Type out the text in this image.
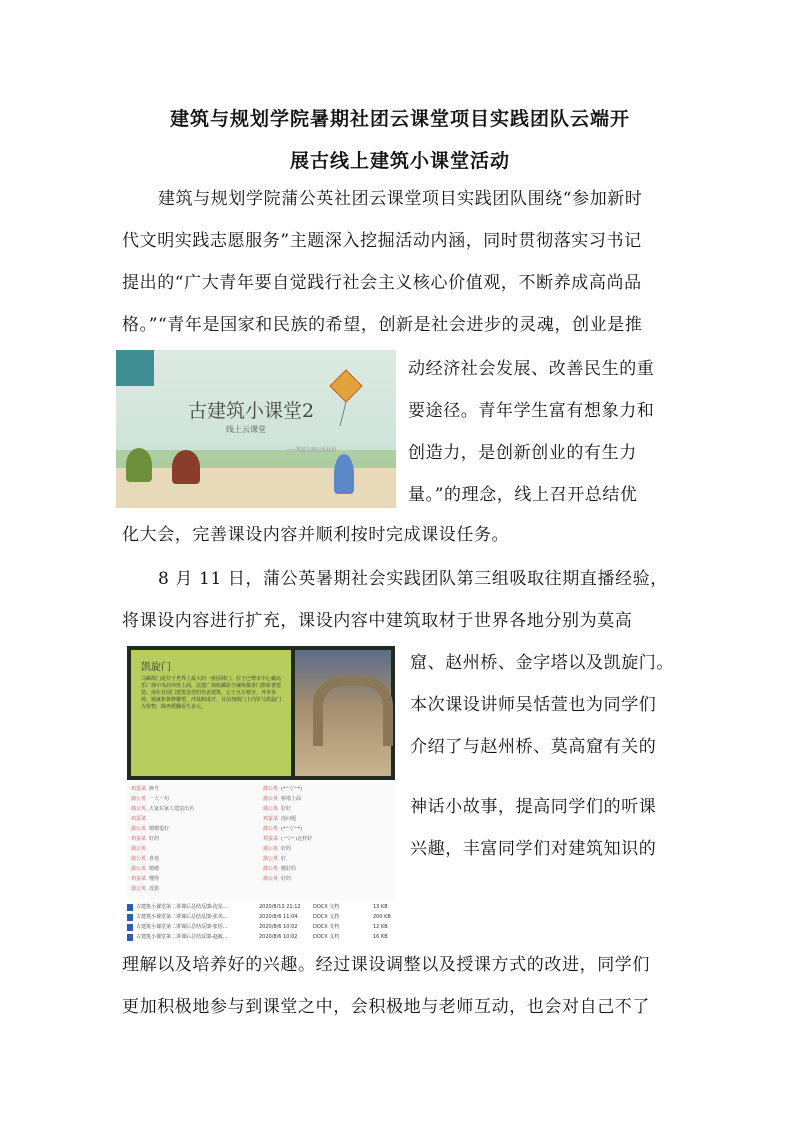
建筑与规划学院暑期社团云课堂项目实践团队云端开
展古线上建筑小课堂活动
建筑与规划学院蒲公英社团云课堂项目实践团队围绕“参加新时
代文明实践志愿服务”主题深入挖掘活动内涵，同时贯彻落实习书记
提出的“广大青年要自觉践行社会主义核心价值观，不断养成高尚品
格。”“青年是国家和民族的希望，创新是社会进步的灵魂，创业是推
动经济社会发展、改善民生的重
要途径。青年学生富有想象力和
创造力，是创新创业的有生力
量。”的理念，线上召开总结优
化大会，完善课设内容并顺利按时完成课设任务。
古建筑小课堂2
线上云课堂
——筑建与蒲公英社团
8 月 11 日，蒲公英暑期社会实践团队第三组吸取往期直播经验，
将课设内容进行扩充，课设内容中建筑取材于世界各地分别为莫高
窟、赵州桥、金字塔以及凯旋门。
本次课设讲师吴恬萱也为同学们
介绍了与赵州桥、莫高窟有关的
神话小故事，提高同学们的听课
兴趣，丰富同学们对建筑知识的
理解以及培养好的兴趣。经过课设调整以及授课方式的改进，同学们
更加积极地参与到课堂之中，会积极地与老师互动，也会对自己不了
凯旋门
马蹄凯门是位于世界上最大的一座园林门。位于巴黎市中心戴高乐广场中央的环形上面，法建广场收藏影全廉斯都喜门拱桥著建造。现在有园门建筑造型的代表建筑，它于凡尔赛宫，外等拳场，城就和鲁修雕塑，冲基购成开，目前加斯门上内罗马凯旋门为货物，除再缓翻看生多元。
鸡蛋菜 换号
蒲公英 一人一句
蒲公英 大家东家人建造出名
鸡蛋菜
蒲公英 嗯嗯很好
鸡蛋菜 好的
蒲公英
蒲公英 喜欢
蒲公英 嗯嗯
鸡蛋菜 懂得
蒲公英 没错
蒲公英 (*^▽^*)
蒲公英 桥墩上面
蒲公英 好好
鸡蛋菜 没问题
蒲公英 (*^▽^*)
鸡蛋菜 (^▽^)这样好
蒲公英 好的
蒲公英 好
蒲公英 嗯好的
蒲公英 好的
古建筑小课堂第二讲课后总结反馈-沈星...	2020/8/13 21:12 DOCX 文档	13 KB
古建筑小课堂第二讲课后总结反馈-张英...	2020/8/6 11:04	DOCX 文档	200 KB
古建筑小课堂第二讲课后总结反馈-张恬...	2020/8/6 10:02	DOCX 文档	12 KB
古建筑小课堂第二讲课后总结反馈-赵敏...	2020/8/6 10:02	DOCX 文档	16 KB
